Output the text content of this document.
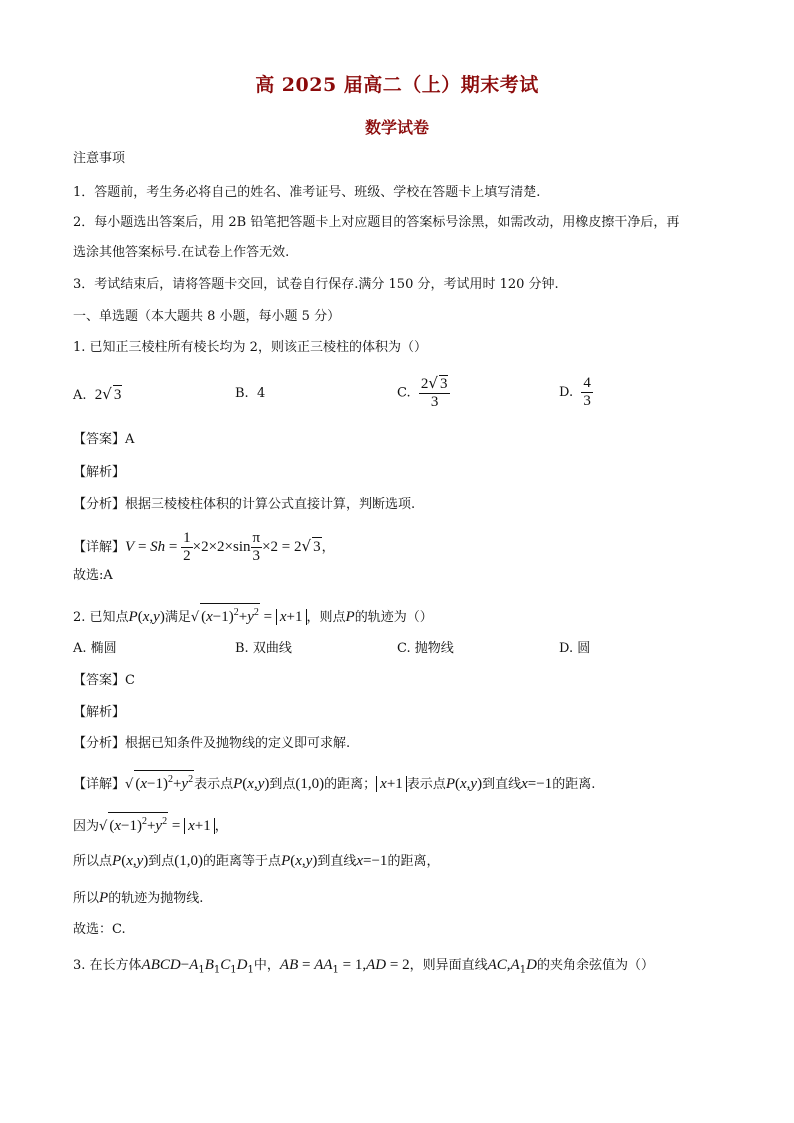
高 2025 届高二（上）期末考试
数学试卷
注意事项
1．答题前，考生务必将自己的姓名、准考证号、班级、学校在答题卡上填写清楚.
2．每小题选出答案后，用 2B 铅笔把答题卡上对应题目的答案标号涂黑，如需改动，用橡皮擦干净后，再
选涂其他答案标号.在试卷上作答无效.
3．考试结束后，请将答题卡交回，试卷自行保存.满分 150 分，考试用时 120 分钟.
一、单选题（本大题共 8 小题，每小题 5 分）
1. 已知正三棱柱所有棱长均为 2，则该正三棱柱的体积为（）
A. 2√ 3	B. 4	C. $\frac{2√ 3}{3}$	D. $\frac{4}{3}$
【答案】A
【解析】
【分析】根据三棱棱柱体积的计算公式直接计算，判断选项.
【详解】$V = Sh = \frac{1}{2} \times 2\times 2\times\sin \frac{\pi}{3} \times 2 = 2√$ 3，
故选:A
2. 已知点P(x,y)满足√ $(x-1)^2+y^2 = x+1$ ，则点P的轨迹为（）
A. 椭圆	B. 双曲线	C. 抛物线	D. 圆
【答案】C
【解析】
【分析】根据已知条件及抛物线的定义即可求解.
【详解】√ $(x-1)^2+y^2$表示点P(x,y)到点(1,0)的距离； x+1 表示点P(x,y)到直线x=−1的距离.
因为√ $(x-1)^2+y^2 = x+1$ ，
所以点P(x,y)到点(1,0)的距离等于点P(x,y)到直线x=−1的距离，
所以P的轨迹为抛物线.
故选：C.
3. 在长方体$ABCD-A_1B_1C_1D_1$中，AB = $AA_1 = 1,AD = 2$，则异面直线$AC,A_1D$的夹角余弦值为（）
